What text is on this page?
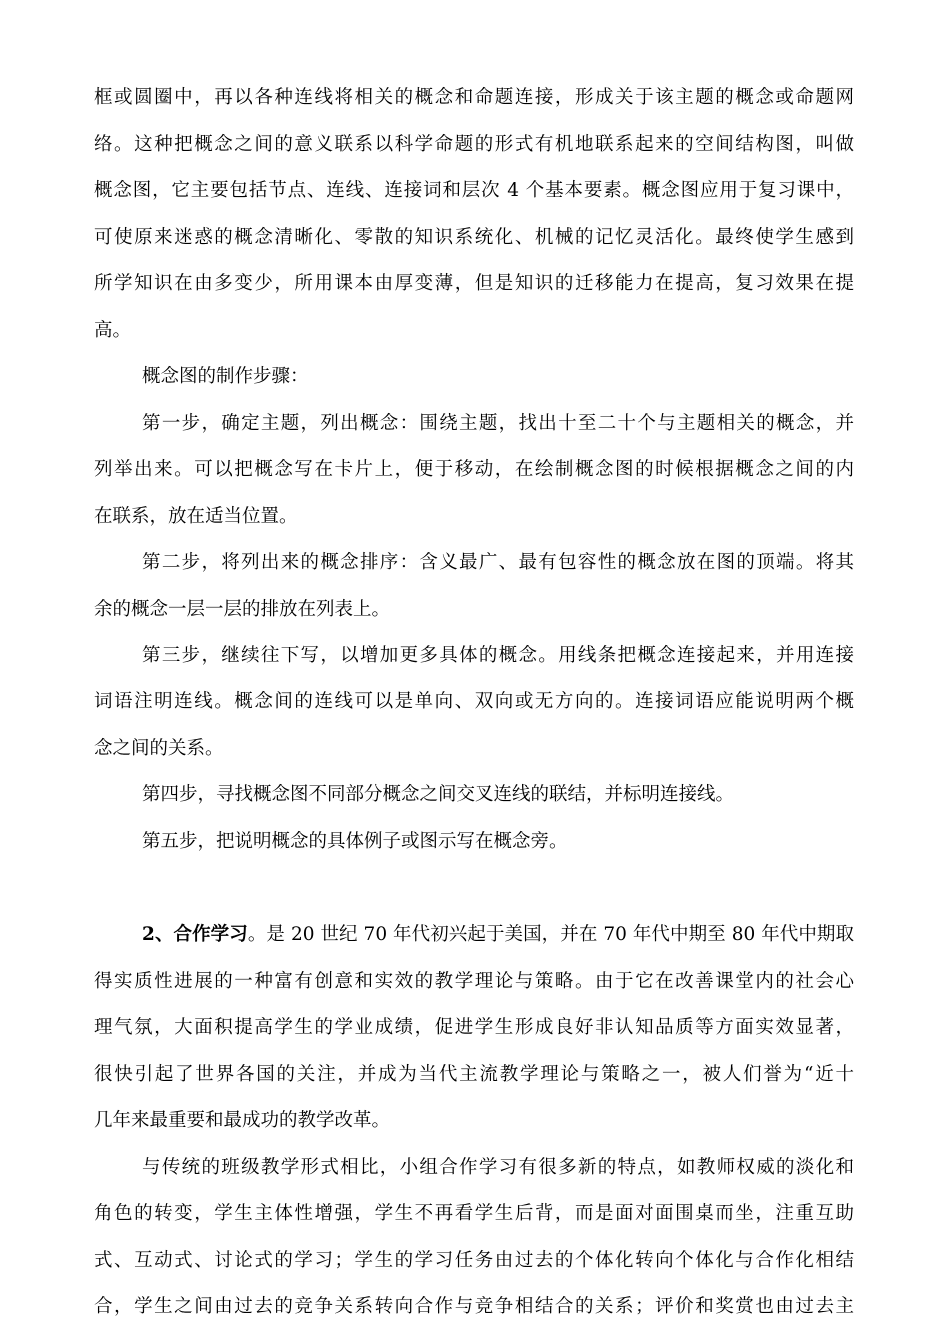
框或圆圈中，再以各种连线将相关的概念和命题连接，形成关于该主题的概念或命题网
络。这种把概念之间的意义联系以科学命题的形式有机地联系起来的空间结构图，叫做
概念图，它主要包括节点、连线、连接词和层次 4 个基本要素。概念图应用于复习课中，
可使原来迷惑的概念清晰化、零散的知识系统化、机械的记忆灵活化。最终使学生感到
所学知识在由多变少，所用课本由厚变薄，但是知识的迁移能力在提高，复习效果在提
高。
概念图的制作步骤：
第一步，确定主题，列出概念：围绕主题，找出十至二十个与主题相关的概念，并
列举出来。可以把概念写在卡片上，便于移动，在绘制概念图的时候根据概念之间的内
在联系，放在适当位置。
第二步，将列出来的概念排序：含义最广、最有包容性的概念放在图的顶端。将其
余的概念一层一层的排放在列表上。
第三步，继续往下写，以增加更多具体的概念。用线条把概念连接起来，并用连接
词语注明连线。概念间的连线可以是单向、双向或无方向的。连接词语应能说明两个概
念之间的关系。
第四步，寻找概念图不同部分概念之间交叉连线的联结，并标明连接线。
第五步，把说明概念的具体例子或图示写在概念旁。
2、合作学习。是 20 世纪 70 年代初兴起于美国，并在 70 年代中期至 80 年代中期取
得实质性进展的一种富有创意和实效的教学理论与策略。由于它在改善课堂内的社会心
理气氛，大面积提高学生的学业成绩，促进学生形成良好非认知品质等方面实效显著，
很快引起了世界各国的关注，并成为当代主流教学理论与策略之一，被人们誉为“近十
几年来最重要和最成功的教学改革。
与传统的班级教学形式相比，小组合作学习有很多新的特点，如教师权威的淡化和
角色的转变，学生主体性增强，学生不再看学生后背，而是面对面围桌而坐，注重互助
式、互动式、讨论式的学习；学生的学习任务由过去的个体化转向个体化与合作化相结
合，学生之间由过去的竞争关系转向合作与竞争相结合的关系；评价和奖赏也由过去主
